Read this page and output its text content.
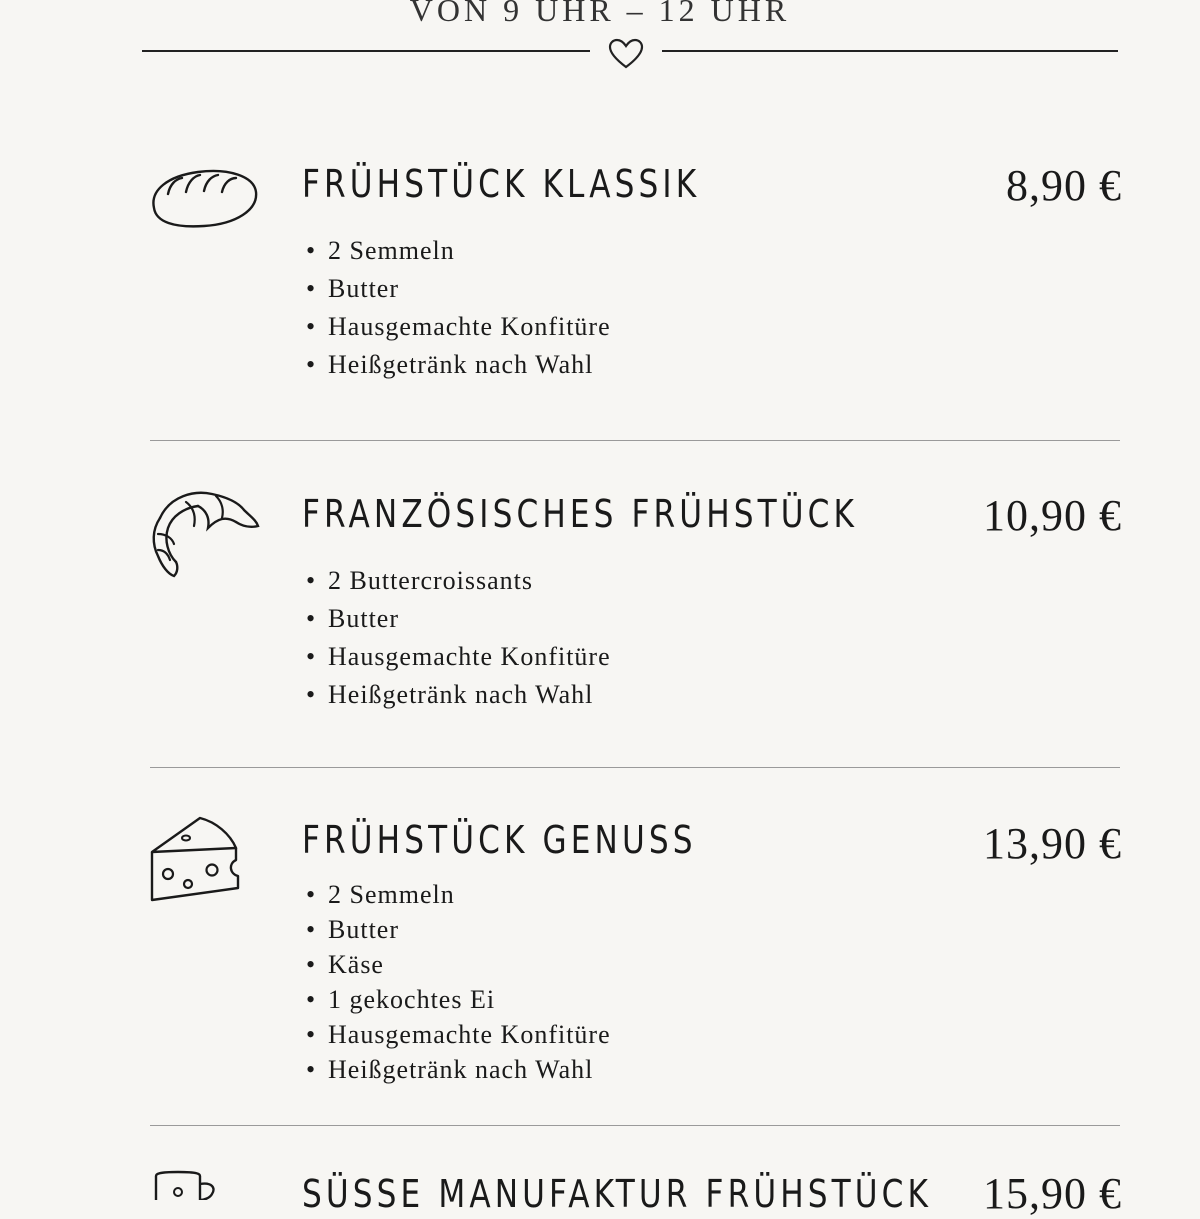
VON 9 UHR – 12 UHR
FRÜHSTÜCK KLASSIK	8,90 €
• 2 Semmeln
• Butter
• Hausgemachte Konfitüre
• Heißgetränk nach Wahl
FRANZÖSISCHES FRÜHSTÜCK	10,90 €
• 2 Buttercroissants
• Butter
• Hausgemachte Konfitüre
• Heißgetränk nach Wahl
FRÜHSTÜCK GENUSS	13,90 €
• 2 Semmeln
• Butter
• Käse
• 1 gekochtes Ei
• Hausgemachte Konfitüre
• Heißgetränk nach Wahl
SÜSSE MANUFAKTUR FRÜHSTÜCK 15,90 €
